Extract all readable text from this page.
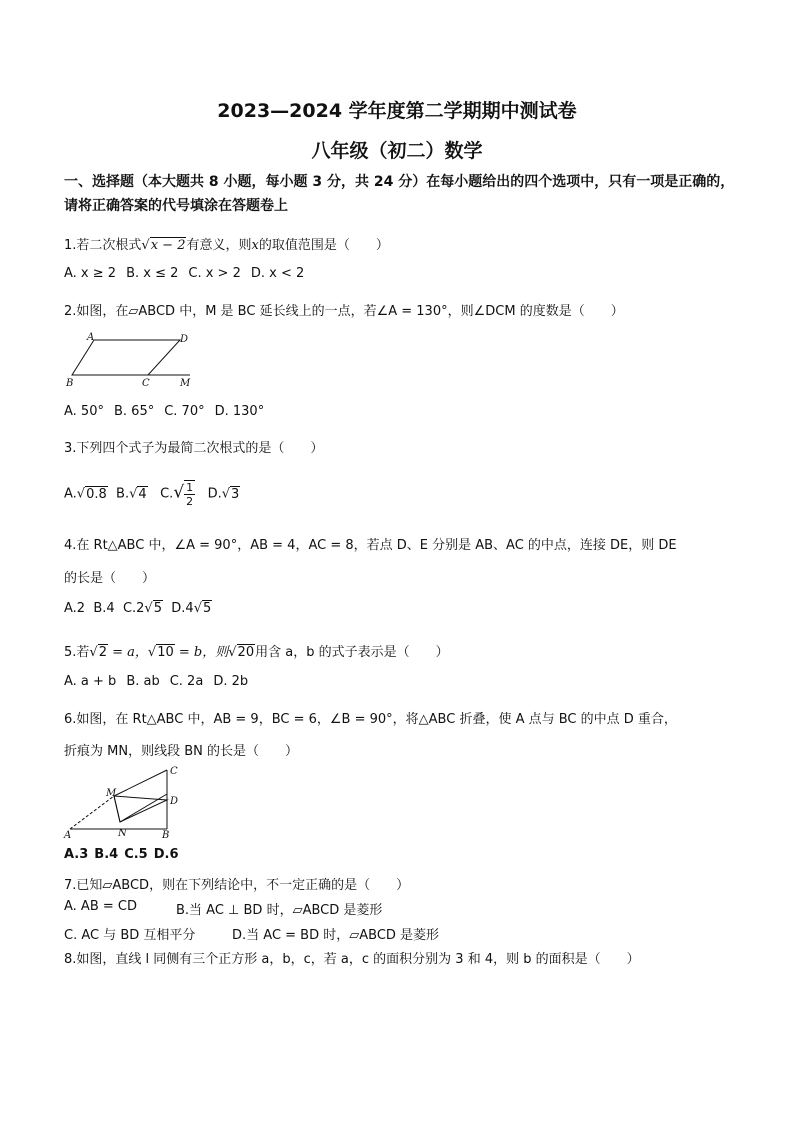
2023—2024 学年度第二学期期中测试卷
八年级（初二）数学
一、选择题（本大题共 8 小题，每小题 3 分，共 24 分）在每小题给出的四个选项中，只有一项是正确的，请将正确答案的代号填涂在答题卷上
1.若二次根式√x − 2有意义，则x的取值范围是（　　）
A. x ≥ 2 B. x ≤ 2 C. x > 2 D. x < 2
2.如图，在▱ABCD 中，M 是 BC 延长线上的一点，若∠A = 130°，则∠DCM 的度数是（　　）
A	D
B	C	M
A. 50° B. 65° C. 70° D. 130°
3.下列四个式子为最简二次根式的是（　　）
A.√0.8 B.√4 $C.√ \frac{1}{2} D.√3$
4.在 Rt△ABC 中，∠A = 90°，AB = 4，AC = 8，若点 D、E 分别是 AB、AC 的中点，连接 DE，则 DE
的长是（　　）
A.2 B.4 C.2√5 D.4√5
5.若√2 = a，√10 = b，则√20用含 a，b 的式子表示是（　　）
A. a + b B. ab C. 2a D. 2b
6.如图，在 Rt△ABC 中，AB = 9，BC = 6，∠B = 90°，将△ABC 折叠，使 A 点与 BC 的中点 D 重合，
折痕为 MN，则线段 BN 的长是（　　）
A	B
C
D
M
N
A.3 B.4 C.5 D.6
7.已知▱ABCD，则在下列结论中，不一定正确的是（　　）
A. AB = CD	B.当 AC ⊥ BD 时，▱ABCD 是菱形
C. AC 与 BD 互相平分	D.当 AC = BD 时，▱ABCD 是菱形
8.如图，直线 l 同侧有三个正方形 a，b，c，若 a，c 的面积分别为 3 和 4，则 b 的面积是（　　）
